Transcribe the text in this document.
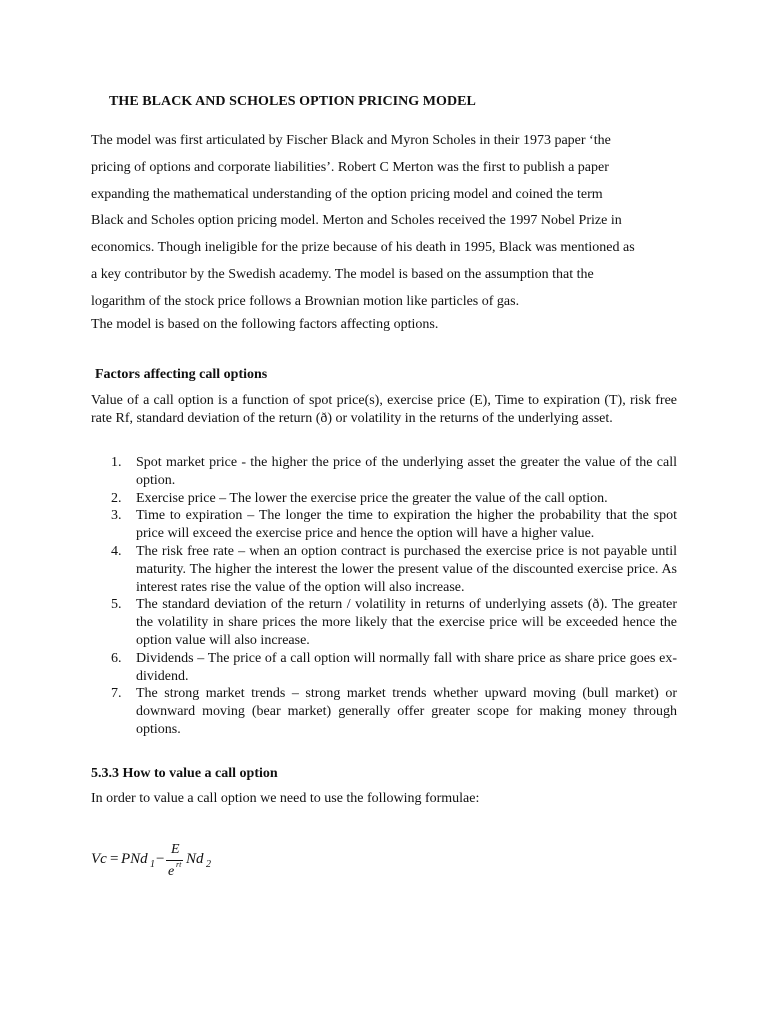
THE BLACK AND SCHOLES OPTION PRICING MODEL

The model was first articulated by Fischer Black and Myron Scholes in their 1973 paper ‘the
pricing of options and corporate liabilities’. Robert C Merton was the first to publish a paper
expanding the mathematical understanding of the option pricing model and coined the term
Black and Scholes option pricing model. Merton and Scholes received the 1997 Nobel Prize in
economics. Though ineligible for the prize because of his death in 1995, Black was mentioned as
a key contributor by the Swedish academy. The model is based on the assumption that the
logarithm of the stock price follows a Brownian motion like particles of gas.

The model is based on the following factors affecting options.

Factors affecting call options

Value of a call option is a function of spot price(s), exercise price (E), Time to expiration (T), risk free rate Rf, standard deviation of the return (ð) or volatility in the returns of the underlying asset.

1. Spot market price - the higher the price of the underlying asset the greater the value of the call option.
2. Exercise price – The lower the exercise price the greater the value of the call option.
3. Time to expiration – The longer the time to expiration the higher the probability that the spot price will exceed the exercise price and hence the option will have a higher value.
4. The risk free rate – when an option contract is purchased the exercise price is not payable until maturity. The higher the interest the lower the present value of the discounted exercise price. As interest rates rise the value of the option will also increase.
5. The standard deviation of the return / volatility in returns of underlying assets (ð). The greater the volatility in share prices the more likely that the exercise price will be exceeded hence the option value will also increase.
6. Dividends – The price of a call option will normally fall with share price as share price goes ex-dividend.
7. The strong market trends – strong market trends whether upward moving (bull market) or downward moving (bear market) generally offer greater scope for making money through options.
5.3.3 How to value a call option
In order to value a call option we need to use the following formulae:
Vc = PNd 1 −
E
e rt Nd 2
